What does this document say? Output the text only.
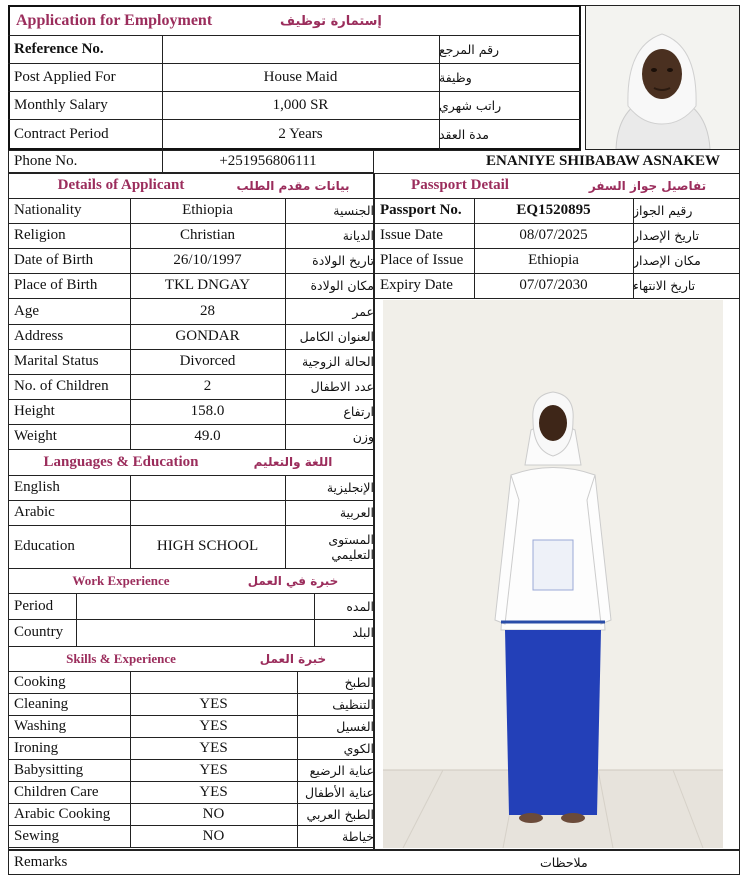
Application for Employment	إستمارة توظيف
Reference No.	رقم المرجع
Post Applied For	House Maid	وظيفة
Monthly Salary	1,000 SR	راتب شهري
Contract Period	2 Years	مدة العقد
Phone No.	+251956806111	ENANIYE SHIBABAW ASNAKEW
Details of Applicant	بيانات مقدم الطلب
Nationality	Ethiopia	الجنسية
Religion	Christian	الديانة
Date of Birth	26/10/1997	تاريخ الولادة
Place of Birth	TKL DNGAY	مكان الولادة
Age	28	عمر
Address	GONDAR	العنوان الكامل
Marital Status	Divorced	الحالة الزوجية
No. of Children	2	عدد الاطفال
Height	158.0	ارتفاع
Weight	49.0	وزن
Languages & Education	اللغة والتعليم
English	الإنجليزية
Arabic	العربية
Education	HIGH SCHOOL	المستوى التعليمي
Work Experience	خبرة في العمل
Period	المده
Country	البلد
Skills & Experience	خبرة العمل
Cooking	الطبخ
Cleaning	YES	التنظيف
Washing	YES	الغسيل
Ironing	YES	الكوي
Babysitting	YES	عناية الرضيع
Children Care	YES	عناية الأطفال
Arabic Cooking	NO	الطبخ العربي
Sewing	NO	خياطة
Passport Detail	تفاصيل جواز السفر
Passport No.	EQ1520895	رقيم الجواز
Issue Date	08/07/2025	تاريخ الإصدار
Place of Issue	Ethiopia	مكان الإصدار
Expiry Date	07/07/2030	تاريخ الانتهاء
Remarks	ملاحظات
